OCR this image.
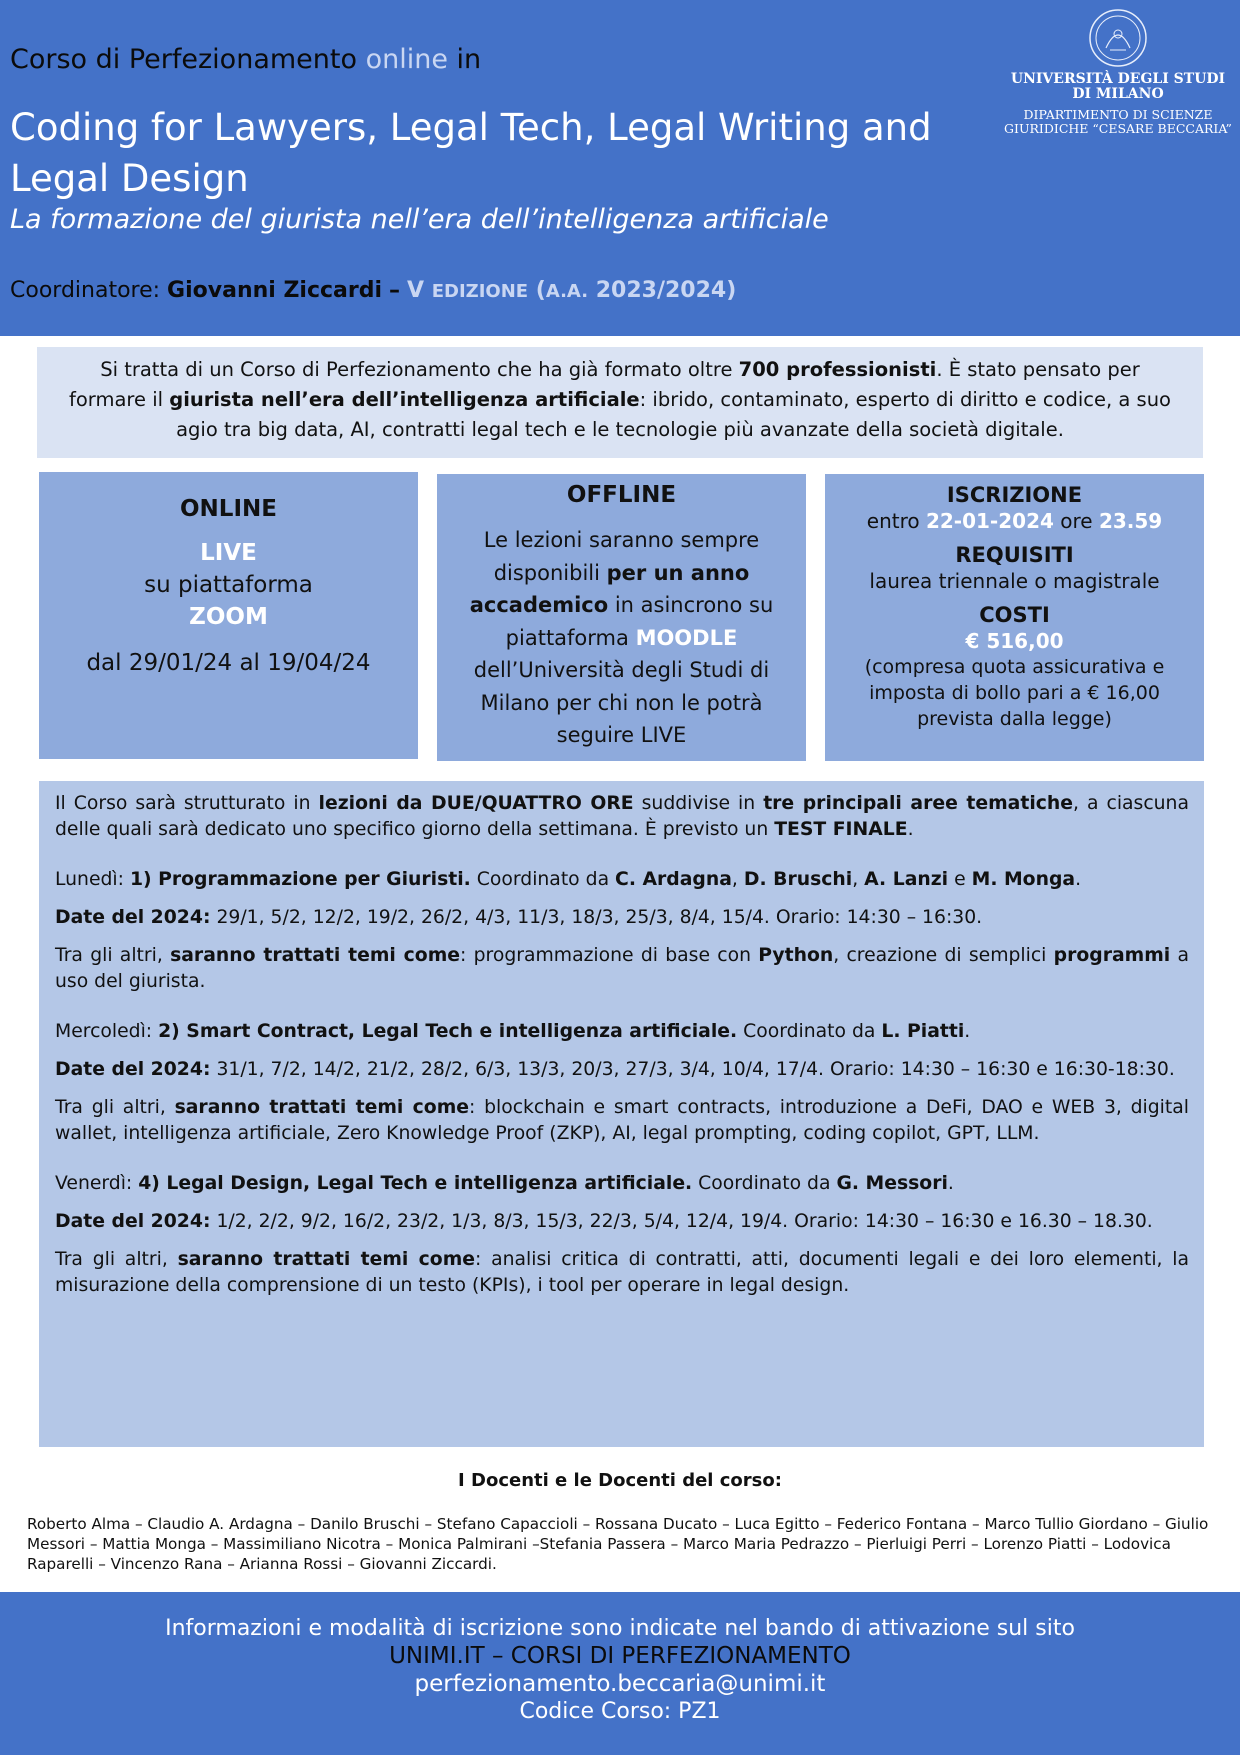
Corso di Perfezionamento online in
Coding for Lawyers, Legal Tech, Legal Writing and Legal Design
La formazione del giurista nell’era dell’intelligenza artificiale
Coordinatore: Giovanni Ziccardi – V EDIZIONE (A.A. 2023/2024)
UNIVERSITÀ DEGLI STUDI DI MILANO
DIPARTIMENTO DI SCIENZE
GIURIDICHE “CESARE BECCARIA”
Si tratta di un Corso di Perfezionamento che ha già formato oltre 700 professionisti. È stato pensato per formare il giurista nell’era dell’intelligenza artificiale: ibrido, contaminato, esperto di diritto e codice, a suo agio tra big data, AI, contratti legal tech e le tecnologie più avanzate della società digitale.
ONLINE
LIVE
su piattaforma
ZOOM
dal 29/01/24 al 19/04/24
OFFLINE
Le lezioni saranno sempre disponibili per un anno accademico in asincrono su piattaforma MOODLE dell’Università degli Studi di Milano per chi non le potrà seguire LIVE
ISCRIZIONE
entro 22-01-2024 ore 23.59
REQUISITI
laurea triennale o magistrale
COSTI
€ 516,00
(compresa quota assicurativa e imposta di bollo pari a € 16,00 prevista dalla legge)

Il Corso sarà strutturato in lezioni da DUE/QUATTRO ORE suddivise in tre principali aree tematiche, a ciascuna delle quali sarà dedicato uno specifico giorno della settimana. È previsto un TEST FINALE.

Lunedì: 1) Programmazione per Giuristi. Coordinato da C. Ardagna, D. Bruschi, A. Lanzi e M. Monga.

Date del 2024: 29/1, 5/2, 12/2, 19/2, 26/2, 4/3, 11/3, 18/3, 25/3, 8/4, 15/4. Orario: 14:30 – 16:30.

Tra gli altri, saranno trattati temi come: programmazione di base con Python, creazione di semplici programmi a uso del giurista.

Mercoledì: 2) Smart Contract, Legal Tech e intelligenza artificiale. Coordinato da L. Piatti.

Date del 2024: 31/1, 7/2, 14/2, 21/2, 28/2, 6/3, 13/3, 20/3, 27/3, 3/4, 10/4, 17/4. Orario: 14:30 – 16:30 e 16:30-18:30.

Tra gli altri, saranno trattati temi come: blockchain e smart contracts, introduzione a DeFi, DAO e WEB 3, digital wallet, intelligenza artificiale, Zero Knowledge Proof (ZKP), AI, legal prompting, coding copilot, GPT, LLM.

Venerdì: 4) Legal Design, Legal Tech e intelligenza artificiale. Coordinato da G. Messori.

Date del 2024: 1/2, 2/2, 9/2, 16/2, 23/2, 1/3, 8/3, 15/3, 22/3, 5/4, 12/4, 19/4. Orario: 14:30 – 16:30 e 16.30 – 18.30.

Tra gli altri, saranno trattati temi come: analisi critica di contratti, atti, documenti legali e dei loro elementi, la misurazione della comprensione di un testo (KPIs), i tool per operare in legal design.

I Docenti e le Docenti del corso:
Roberto Alma – Claudio A. Ardagna – Danilo Bruschi – Stefano Capaccioli – Rossana Ducato – Luca Egitto – Federico Fontana – Marco Tullio Giordano – Giulio Messori – Mattia Monga – Massimiliano Nicotra – Monica Palmirani –Stefania Passera – Marco Maria Pedrazzo – Pierluigi Perri – Lorenzo Piatti – Lodovica Raparelli – Vincenzo Rana – Arianna Rossi – Giovanni Ziccardi.
Informazioni e modalità di iscrizione sono indicate nel bando di attivazione sul sito
UNIMI.IT – CORSI DI PERFEZIONAMENTO
perfezionamento.beccaria@unimi.it
Codice Corso: PZ1
